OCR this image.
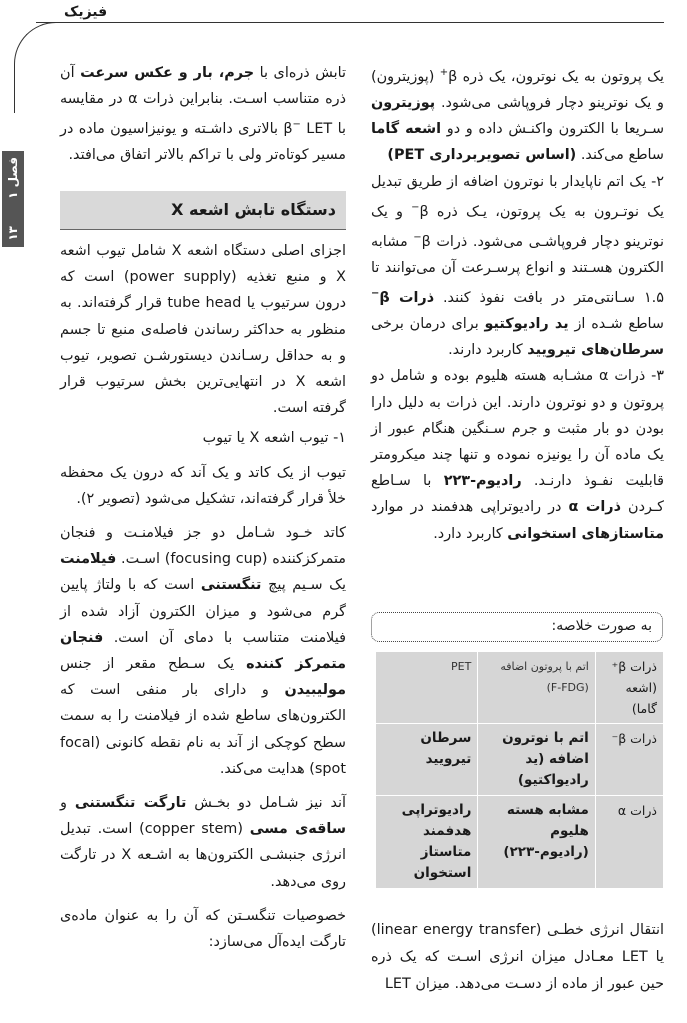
فیزیک
فصل ۱
۱۳

یک پروتون به یک نوترون، یک ذره β+ (پوزیترون) و یک نوترینو دچار فروپاشی می‌شود. پوزیترون سـریعا با الکترون واکنـش داده و دو اشعه گاما ساطع می‌کند. (اساس تصویربرداری PET)

۲- یک اتم ناپایدار با نوترون اضافه از طریق تبدیل یک نوتـرون به یک پروتون، یـک ذره β− و یک نوترینو دچار فروپاشـی می‌شود. ذرات β− مشابه الکترون هسـتند و انواع پرسـرعت آن می‌توانند تا ۱.۵ سـانتی‌متر در بافت نفوذ کنند. ذرات β− ساطع شـده از ید رادیوکتیو برای درمان برخی سرطان‌های تیرویید کاربرد دارند.

۳- ذرات α مشـابه هسته هلیوم بوده و شامل دو پروتون و دو نوترون دارند. این ذرات به دلیل دارا بودن دو بار مثبت و جرم سـنگین هنگام عبور از یک ماده آن را یونیزه نموده و تنها چند میکرومتر قابلیت نفـوذ دارنـد. رادیوم-۲۲۳ با سـاطع کـردن ذرات α در رادیوتراپی هدفمند در موارد متاستازهای استخوانی کاربرد دارد.

به صورت خلاصه:
ذرات β⁺ (اشعه گاما)	اتم با پروتون اضافه (F-FDG)	PET
ذرات β⁻	اتم با نوترون اضافه (ید رادیواکتیو)	سرطان تیرویید
ذرات α	مشابه هسته هلیوم (رادیوم-۲۲۳)	رادیوتراپی هدفمند متاستاز استخوان

انتقال انرژی خطـی (linear energy transfer) یا LET معـادل میزان انرژی اسـت که یک ذره حین عبور از ماده از دسـت می‌دهد. میزان LET

تابش ذره‌ای با جرم، بار و عکس سرعت آن ذره متناسب اسـت. بنابراین ذرات α در مقایسه با β− LET بالاتری داشـته و یونیزاسیون ماده در مسیر کوتاه‌تر ولی با تراکم بالاتر اتفاق می‌افتد.

دستگاه تابش اشعه X

اجزای اصلی دستگاه اشعه X شامل تیوب اشعه X و منبع تغذیه (power supply) است که درون سرتیوب یا tube head قرار گرفته‌اند. به منظور به حداکثر رساندن فاصله‌ی منبع تا جسم و به حداقل رسـاندن دیستورشـن تصویر، تیوب اشعه X در انتهایی‌ترین بخش سرتیوب قرار گرفته است.

۱- تیوب اشعه X یا تیوب

تیوب از یک کاتد و یک آند که درون یک محفظه خلأ قرار گرفته‌اند، تشکیل می‌شود (تصویر ۲).

کاتد خـود شـامل دو جز فیلامنـت و فنجان متمرکزکننده (focusing cup) اسـت. فیلامنت یک سـیم پیچ تنگستنی است که با ولتاژ پایین گرم می‌شود و میزان الکترون آزاد شده از فیلامنت متناسب با دمای آن است. فنجان متمرکز کننده یک سـطح مقعر از جنس مولیبیدن و دارای بار منفی است که الکترون‌های ساطع شده از فیلامنت را به سمت سطح کوچکی از آند به نام نقطه کانونی (focal spot) هدایت می‌کند.

آند نیز شـامل دو بخـش تارگت تنگستنی و ساقه‌ی مسی (copper stem) است. تبدیل انرژی جنبشـی الکترون‌ها به اشـعه X در تارگت روی می‌دهد.

خصوصیات تنگسـتن که آن را به عنوان ماده‌ی تارگت ایده‌آل می‌سازد:
